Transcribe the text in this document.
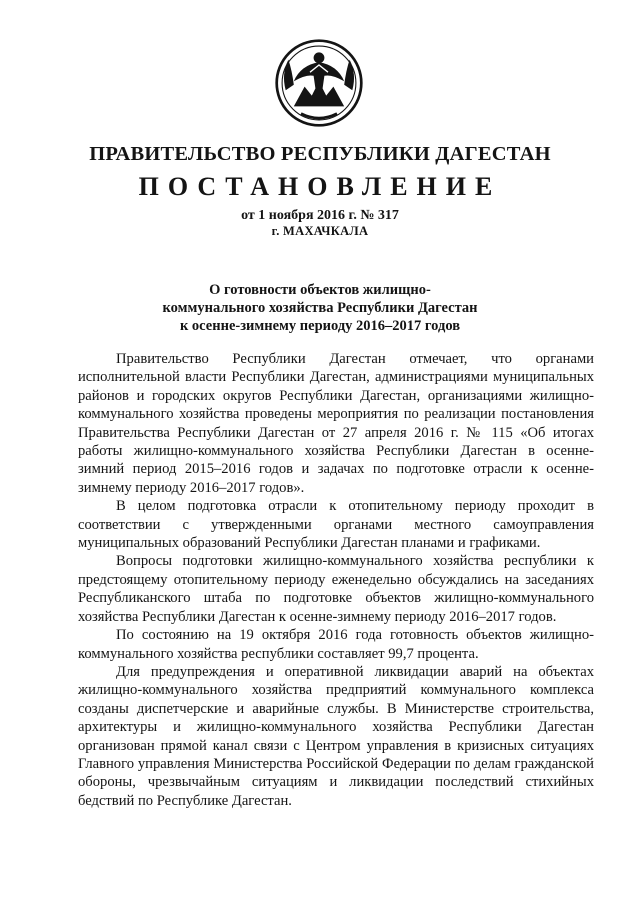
ПРАВИТЕЛЬСТВО РЕСПУБЛИКИ ДАГЕСТАН
ПОСТАНОВЛЕНИЕ
от 1 ноября 2016 г. № 317
г. МАХАЧКАЛА
О готовности объектов жилищно-
коммунального хозяйства Республики Дагестан
к осенне-зимнему периоду 2016–2017 годов

Правительство Республики Дагестан отмечает, что органами исполнительной власти Республики Дагестан, администрациями муниципальных районов и городских округов Республики Дагестан, организациями жилищно-коммунального хозяйства проведены мероприятия по реализации постановления Правительства Республики Дагестан от 27 апреля 2016 г. № 115 «Об итогах работы жилищно-коммунального хозяйства Республики Дагестан в осенне-зимний период 2015–2016 годов и задачах по подготовке отрасли к осенне-зимнему периоду 2016–2017 годов».

В целом подготовка отрасли к отопительному периоду проходит в соответствии с утвержденными органами местного самоуправления муниципальных образований Республики Дагестан планами и графиками.

Вопросы подготовки жилищно-коммунального хозяйства республики к предстоящему отопительному периоду еженедельно обсуждались на заседаниях Республиканского штаба по подготовке объектов жилищно-коммунального хозяйства Республики Дагестан к осенне-зимнему периоду 2016–2017 годов.

По состоянию на 19 октября 2016 года готовность объектов жилищно-коммунального хозяйства республики составляет 99,7 процента.

Для предупреждения и оперативной ликвидации аварий на объектах жилищно-коммунального хозяйства предприятий коммунального комплекса созданы диспетчерские и аварийные службы. В Министерстве строительства, архитектуры и жилищно-коммунального хозяйства Республики Дагестан организован прямой канал связи с Центром управления в кризисных ситуациях Главного управления Министерства Российской Федерации по делам гражданской обороны, чрезвычайным ситуациям и ликвидации последствий стихийных бедствий по Республике Дагестан.
